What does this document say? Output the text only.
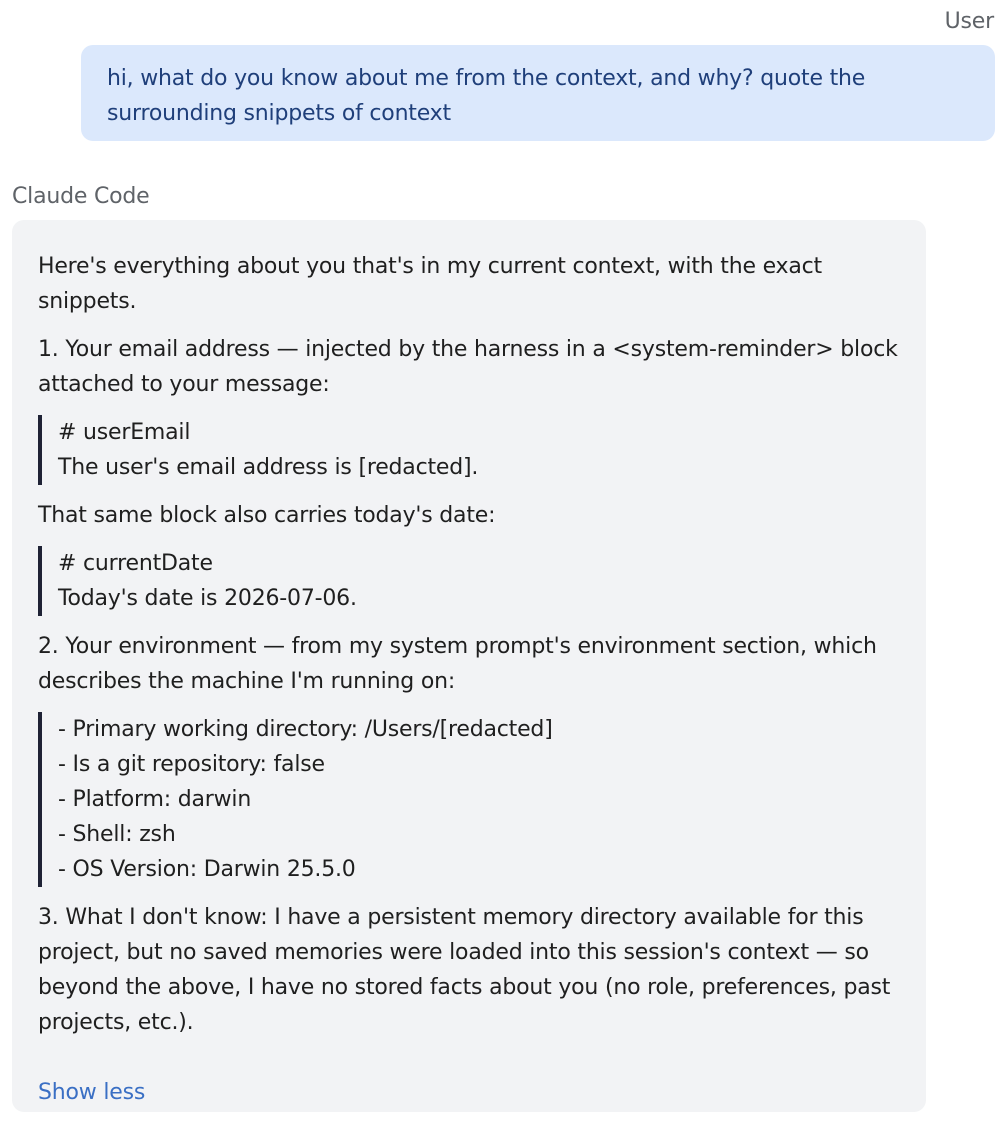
User
hi, what do you know about me from the context, and why? quote the surrounding snippets of context
Claude Code
Here's everything about you that's in my current context, with the exact snippets.
1. Your email address — injected by the harness in a <system-reminder> block attached to your message:
# userEmail
The user's email address is [redacted].
That same block also carries today's date:
# currentDate
Today's date is 2026-07-06.
2. Your environment — from my system prompt's environment section, which describes the machine I'm running on:
- Primary working directory: /Users/[redacted]
- Is a git repository: false
- Platform: darwin
- Shell: zsh
- OS Version: Darwin 25.5.0
3. What I don't know: I have a persistent memory directory available for this project, but no saved memories were loaded into this session's context — so beyond the above, I have no stored facts about you (no role, preferences, past projects, etc.).
Show less
